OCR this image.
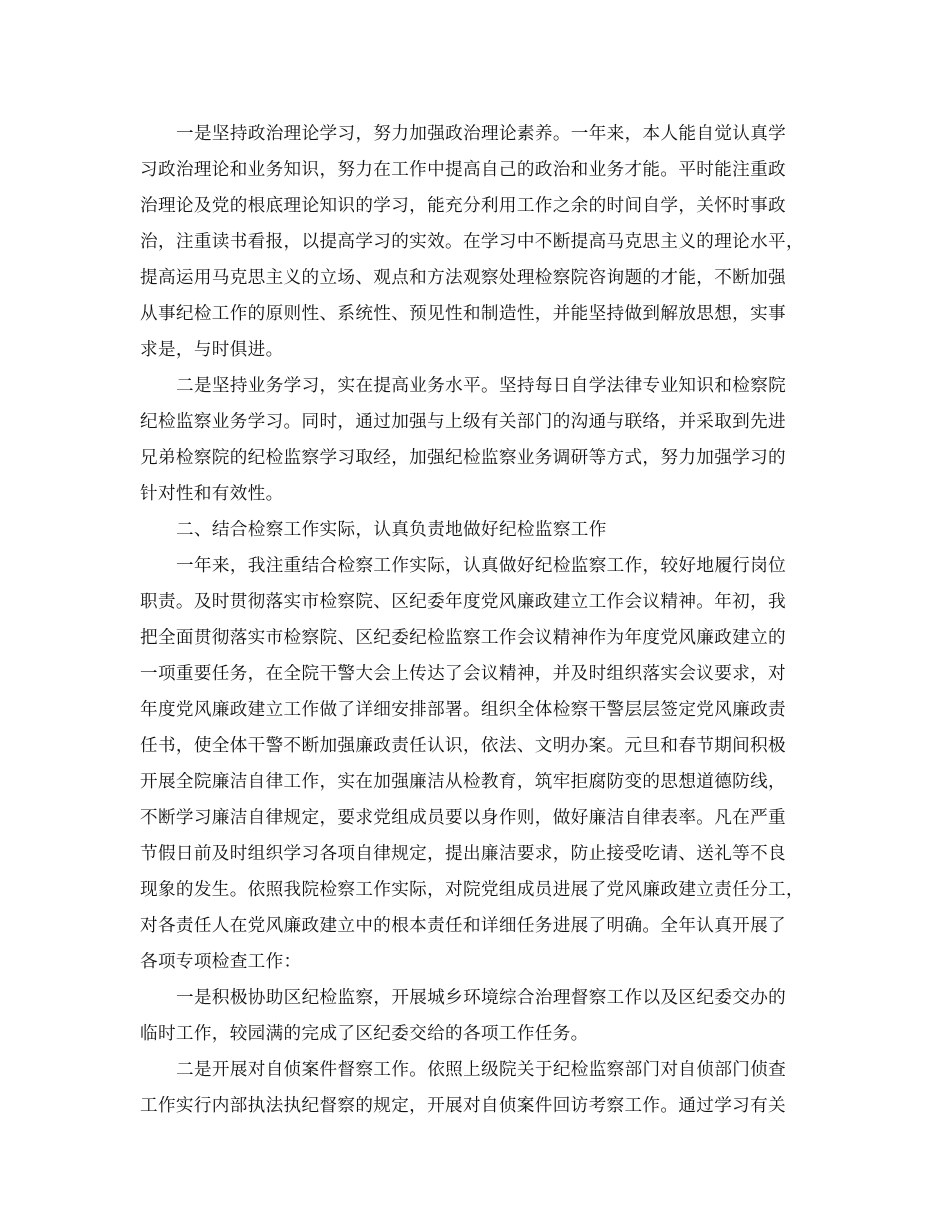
一是坚持政治理论学习，努力加强政治理论素养。一年来，本人能自觉认真学
习政治理论和业务知识，努力在工作中提高自己的政治和业务才能。平时能注重政
治理论及党的根底理论知识的学习，能充分利用工作之余的时间自学，关怀时事政
治，注重读书看报，以提高学习的实效。在学习中不断提高马克思主义的理论水平，
提高运用马克思主义的立场、观点和方法观察处理检察院咨询题的才能，不断加强
从事纪检工作的原则性、系统性、预见性和制造性，并能坚持做到解放思想，实事
求是，与时俱进。
二是坚持业务学习，实在提高业务水平。坚持每日自学法律专业知识和检察院
纪检监察业务学习。同时，通过加强与上级有关部门的沟通与联络，并采取到先进
兄弟检察院的纪检监察学习取经，加强纪检监察业务调研等方式，努力加强学习的
针对性和有效性。
二、结合检察工作实际，认真负责地做好纪检监察工作
一年来，我注重结合检察工作实际，认真做好纪检监察工作，较好地履行岗位
职责。及时贯彻落实市检察院、区纪委年度党风廉政建立工作会议精神。年初，我
把全面贯彻落实市检察院、区纪委纪检监察工作会议精神作为年度党风廉政建立的
一项重要任务，在全院干警大会上传达了会议精神，并及时组织落实会议要求，对
年度党风廉政建立工作做了详细安排部署。组织全体检察干警层层签定党风廉政责
任书，使全体干警不断加强廉政责任认识，依法、文明办案。元旦和春节期间积极
开展全院廉洁自律工作，实在加强廉洁从检教育，筑牢拒腐防变的思想道德防线，
不断学习廉洁自律规定，要求党组成员要以身作则，做好廉洁自律表率。凡在严重
节假日前及时组织学习各项自律规定，提出廉洁要求，防止接受吃请、送礼等不良
现象的发生。依照我院检察工作实际，对院党组成员进展了党风廉政建立责任分工，
对各责任人在党风廉政建立中的根本责任和详细任务进展了明确。全年认真开展了
各项专项检查工作：
一是积极协助区纪检监察，开展城乡环境综合治理督察工作以及区纪委交办的
临时工作，较园满的完成了区纪委交给的各项工作任务。
二是开展对自侦案件督察工作。依照上级院关于纪检监察部门对自侦部门侦查
工作实行内部执法执纪督察的规定，开展对自侦案件回访考察工作。通过学习有关
